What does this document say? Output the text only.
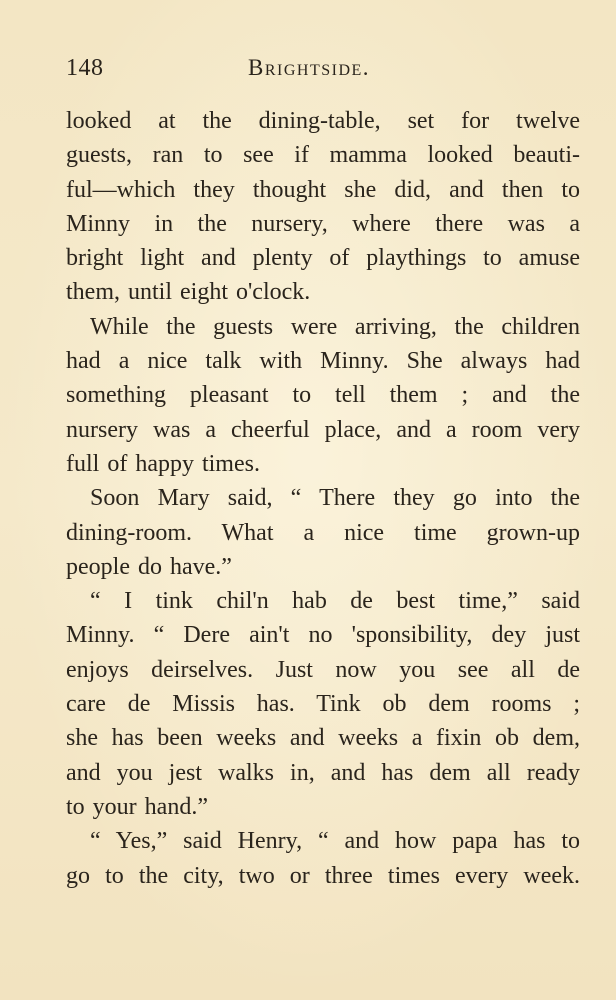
148	Brightside.
looked at the dining-table, set for twelve
guests, ran to see if mamma looked beauti-
ful—which they thought she did, and then to
Minny in the nursery, where there was a
bright light and plenty of playthings to amuse
them, until eight o'clock.
While the guests were arriving, the children
had a nice talk with Minny. She always had
something pleasant to tell them ; and the
nursery was a cheerful place, and a room very
full of happy times.
Soon Mary said, “ There they go into the
dining-room. What a nice time grown-up
people do have.”
“ I tink chil'n hab de best time,” said
Minny. “ Dere ain't no 'sponsibility, dey just
enjoys deirselves. Just now you see all de
care de Missis has. Tink ob dem rooms ;
she has been weeks and weeks a fixin ob dem,
and you jest walks in, and has dem all ready
to your hand.”
“ Yes,” said Henry, “ and how papa has to
go to the city, two or three times every week.
